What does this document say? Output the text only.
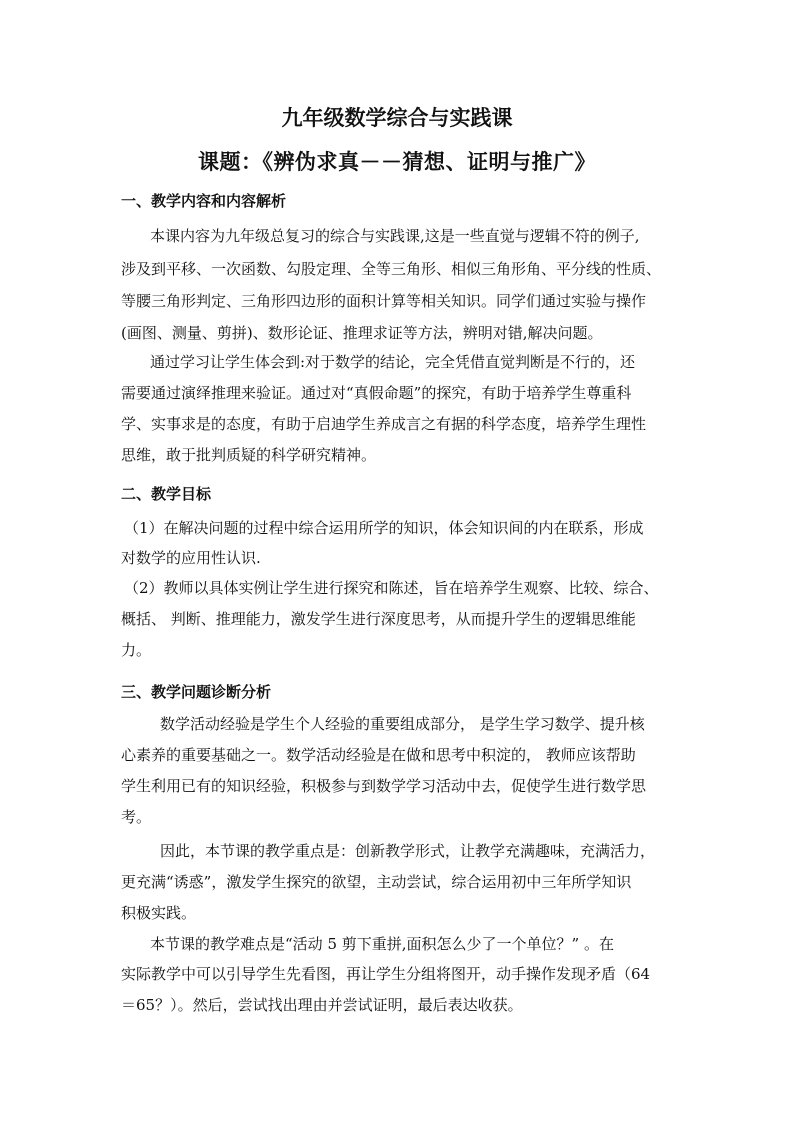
九年级数学综合与实践课
课题：《辨伪求真－－猜想、证明与推广》
一、教学内容和内容解析

本课内容为九年级总复习的综合与实践课,这是一些直觉与逻辑不符的例子,

涉及到平移、一次函数、勾股定理、全等三角形、相似三角形角、平分线的性质、

等腰三角形判定、三角形四边形的面积计算等相关知识。同学们通过实验与操作

(画图、测量、剪拼)、数形论证、推理求证等方法，辨明对错,解决问题。

通过学习让学生体会到:对于数学的结论，完全凭借直觉判断是不行的，还

需要通过演绎推理来验证。通过对“真假命题”的探究，有助于培养学生尊重科

学、实事求是的态度，有助于启迪学生养成言之有据的科学态度，培养学生理性

思维，敢于批判质疑的科学研究精神。

二、教学目标

（1）在解决问题的过程中综合运用所学的知识，体会知识间的内在联系，形成

对数学的应用性认识.

（2）教师以具体实例让学生进行探究和陈述，旨在培养学生观察、比较、综合、

概括、 判断、推理能力，激发学生进行深度思考，从而提升学生的逻辑思维能

力。

三、教学问题诊断分析

数学活动经验是学生个人经验的重要组成部分， 是学生学习数学、提升核

心素养的重要基础之一。数学活动经验是在做和思考中积淀的， 教师应该帮助

学生利用已有的知识经验，积极参与到数学学习活动中去，促使学生进行数学思

考。

因此，本节课的教学重点是：创新教学形式，让教学充满趣味，充满活力，

更充满“诱惑”，激发学生探究的欲望，主动尝试，综合运用初中三年所学知识

积极实践。

本节课的教学难点是“活动 5 剪下重拼,面积怎么少了一个单位？” 。在

实际教学中可以引导学生先看图，再让学生分组将图开，动手操作发现矛盾（64

＝65？）。然后，尝试找出理由并尝试证明，最后表达收获。
